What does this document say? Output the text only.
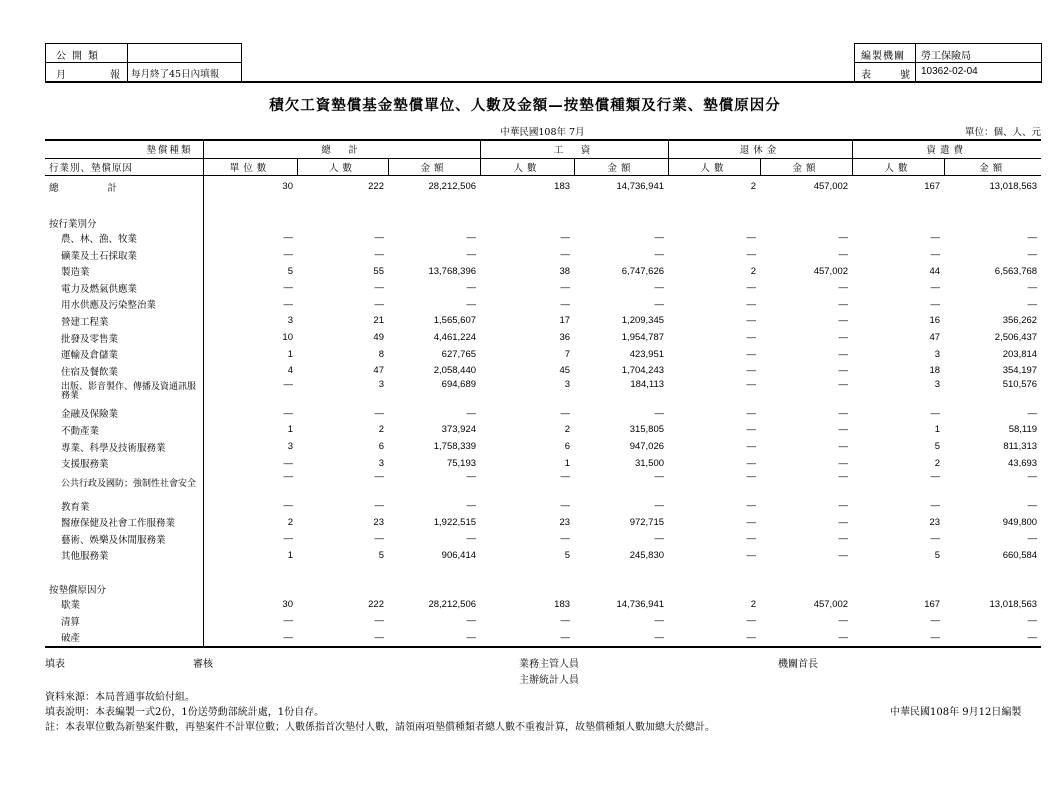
公開類
月	報 每月終了45日內填報
編製機關 勞工保險局
表	號 10362-02-04
積欠工資墊償基金墊償單位、人數及金額—按墊償種類及行業、墊償原因分
中華民國108年 7月	單位：個、人、元
墊償種類	總　計			工　資		退休金		資遣費	
行業別、墊償原因	單位數	人數	金額	人數	金額	人數	金額	人數	金額
總　　計	30	222	28,212,506	183	14,736,941	2	457,002	167	13,018,563
按行業別分									
農、林、漁、牧業	—	—	—	—	—	—	—	—	—
礦業及土石採取業	—	—	—	—	—	—	—	—	—
製造業	5	55	13,768,396	38	6,747,626	2	457,002	44	6,563,768
電力及燃氣供應業	—	—	—	—	—	—	—	—	—
用水供應及污染整治業	—	—	—	—	—	—	—	—	—
營建工程業	3	21	1,565,607	17	1,209,345	—	—	16	356,262
批發及零售業	10	49	4,461,224	36	1,954,787	—	—	47	2,506,437
運輸及倉儲業	1	8	627,765	7	423,951	—	—	3	203,814
住宿及餐飲業	4	47	2,058,440	45	1,704,243	—	—	18	354,197
出版、影音製作、傳播及資通訊服務業	—	3	694,689	3	184,113	—	—	3	510,576
金融及保險業	—	—	—	—	—	—	—	—	—
不動產業	1	2	373,924	2	315,805	—	—	1	58,119
專業、科學及技術服務業	3	6	1,758,339	6	947,026	—	—	5	811,313
支援服務業	—	3	75,193	1	31,500	—	—	2	43,693
公共行政及國防；強制性社會安全	—	—	—	—	—	—	—	—	—
教育業	—	—	—	—	—	—	—	—	—
醫療保健及社會工作服務業	2	23	1,922,515	23	972,715	—	—	23	949,800
藝術、娛樂及休閒服務業	—	—	—	—	—	—	—	—	—
其他服務業	1	5	906,414	5	245,830	—	—	5	660,584
按墊償原因分									
歇業	30	222	28,212,506	183	14,736,941	2	457,002	167	13,018,563
清算	—	—	—	—	—	—	—	—	—
破產	—	—	—	—	—	—	—	—	—
填表	審核	業務主管人員
主辦統計人員
機關首長
資料來源：本局普通事故給付組。
填表說明：本表編製一式2份，1份送勞動部統計處，1份自存。	中華民國108年 9月12日編製
註：本表單位數為新墊案件數，再墊案件不計單位數；人數係指首次墊付人數，請領兩項墊償種類者總人數不重複計算，故墊償種類人數加總大於總計。
